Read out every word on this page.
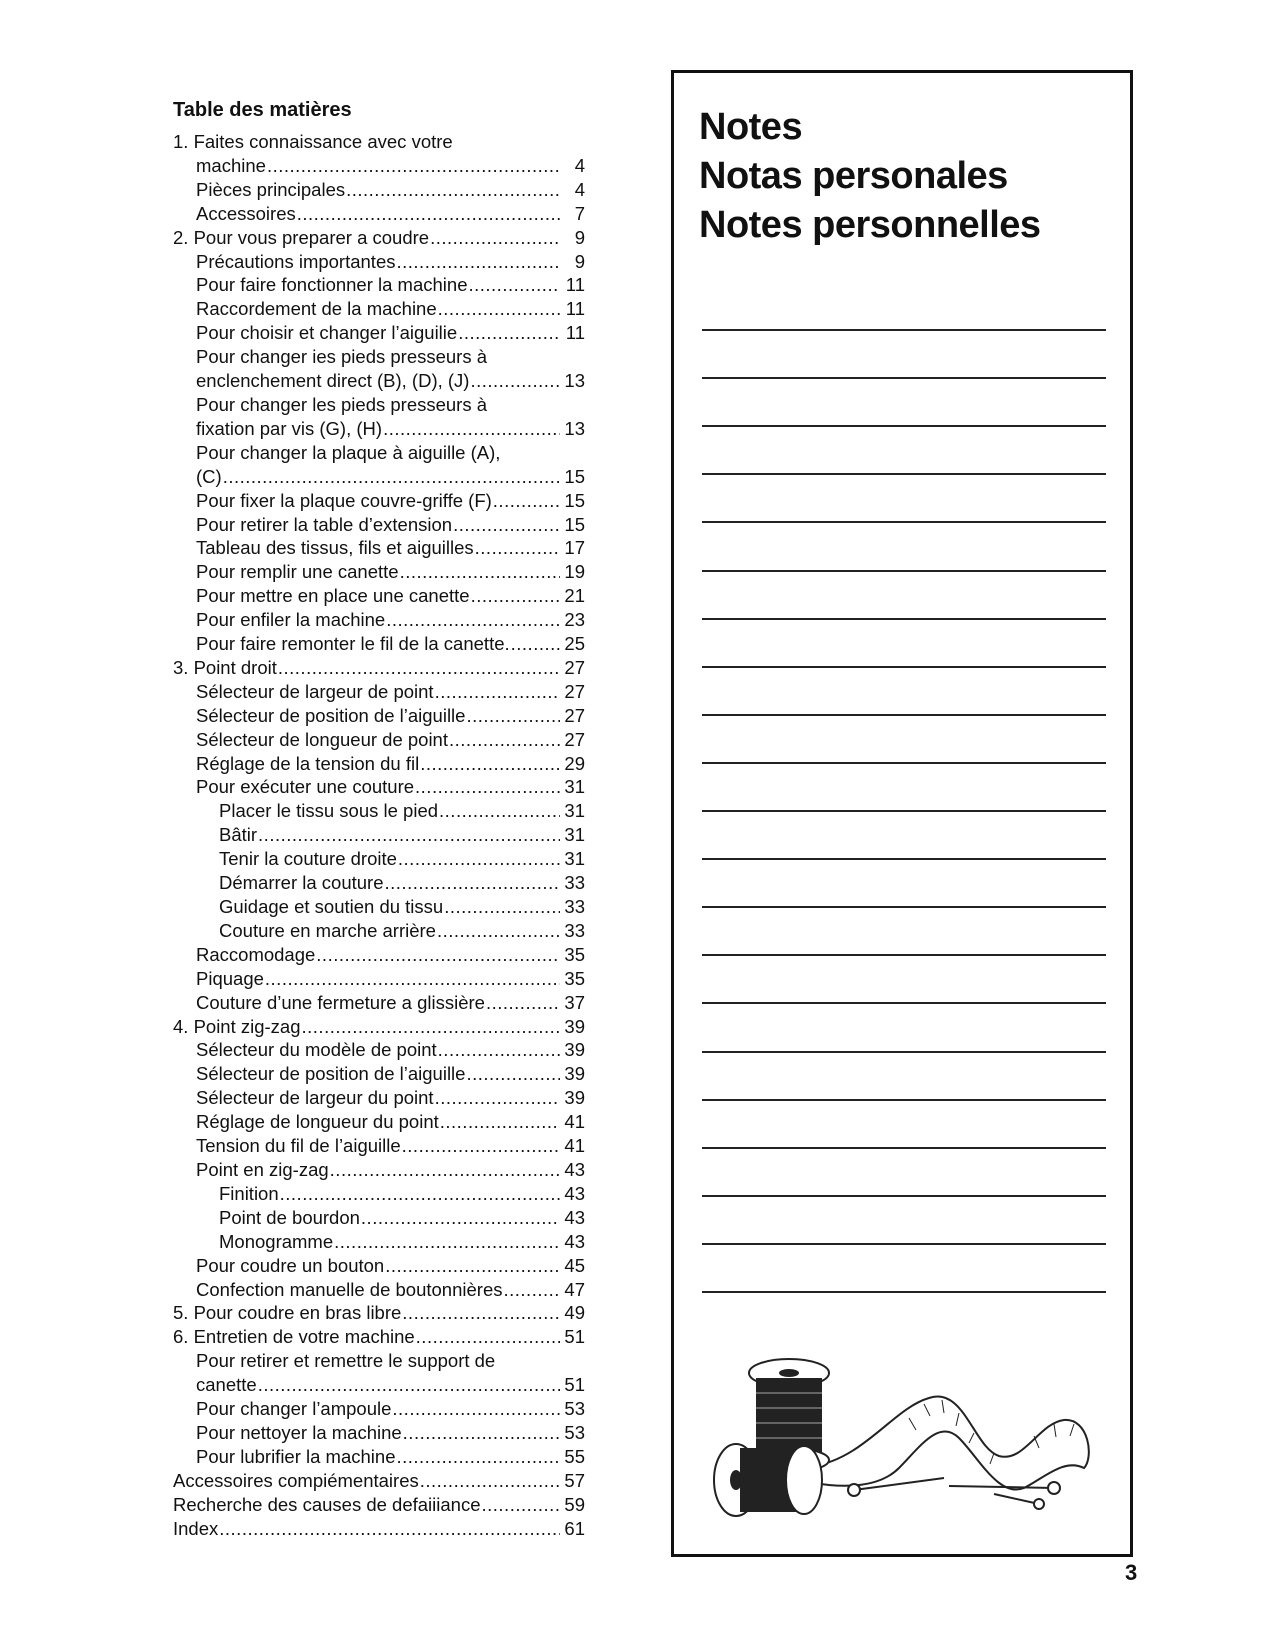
Table des matières
1. Faites connaissance avec votre
machine .....	4
Pièces principales .....	4
Accessoires .....	7
2. Pour vous preparer a coudre .....	9
Précautions importantes .....	9
Pour faire fonctionner la machine .....	11
Raccordement de la machine .....	11
Pour choisir et changer l’aiguilie .....	11
Pour changer ies pieds presseurs à
enclenchement direct (B), (D), (J) .....	13
Pour changer les pieds presseurs à
fixation par vis (G), (H) .....	13
Pour changer la plaque à aiguille (A),
(C) .....	15
Pour fixer la plaque couvre-griffe (F) .....	15
Pour retirer la table d’extension .....	15
Tableau des tissus, fils et aiguilles .....	17
Pour remplir une canette .....	19
Pour mettre en place une canette .....	21
Pour enfiler la machine .....	23
Pour faire remonter le fil de la canette. .....	25
3. Point droit .....	27
Sélecteur de largeur de point .....	27
Sélecteur de position de l’aiguille .....	27
Sélecteur de longueur de point .....	27
Réglage de la tension du fil .....	29
Pour exécuter une couture .....	31
Placer le tissu sous le pied .....	31
Bâtir .....	31
Tenir la couture droite .....	31
Démarrer la couture .....	33
Guidage et soutien du tissu .....	33
Couture en marche arrière .....	33
Raccomodage .....	35
Piquage .....	35
Couture d’une fermeture a glissière .....	37
4. Point zig-zag .....	39
Sélecteur du modèle de point .....	39
Sélecteur de position de l’aiguille .....	39
Sélecteur de largeur du point .....	39
Réglage de longueur du point .....	41
Tension du fil de l’aiguille .....	41
Point en zig-zag .....	43
Finition .....	43
Point de bourdon .....	43
Monogramme .....	43
Pour coudre un bouton .....	45
Confection manuelle de boutonnières .....	47
5. Pour coudre en bras libre .....	49
6. Entretien de votre machine .....	51
Pour retirer et remettre le support de
canette .....	51
Pour changer l’ampoule .....	53
Pour nettoyer la machine .....	53
Pour lubrifier la machine .....	55
Accessoires compiémentaires .....	57
Recherche des causes de defaiiiance .....	59
Index .....	61
Notes
Notas personales
Notes personnelles
3
